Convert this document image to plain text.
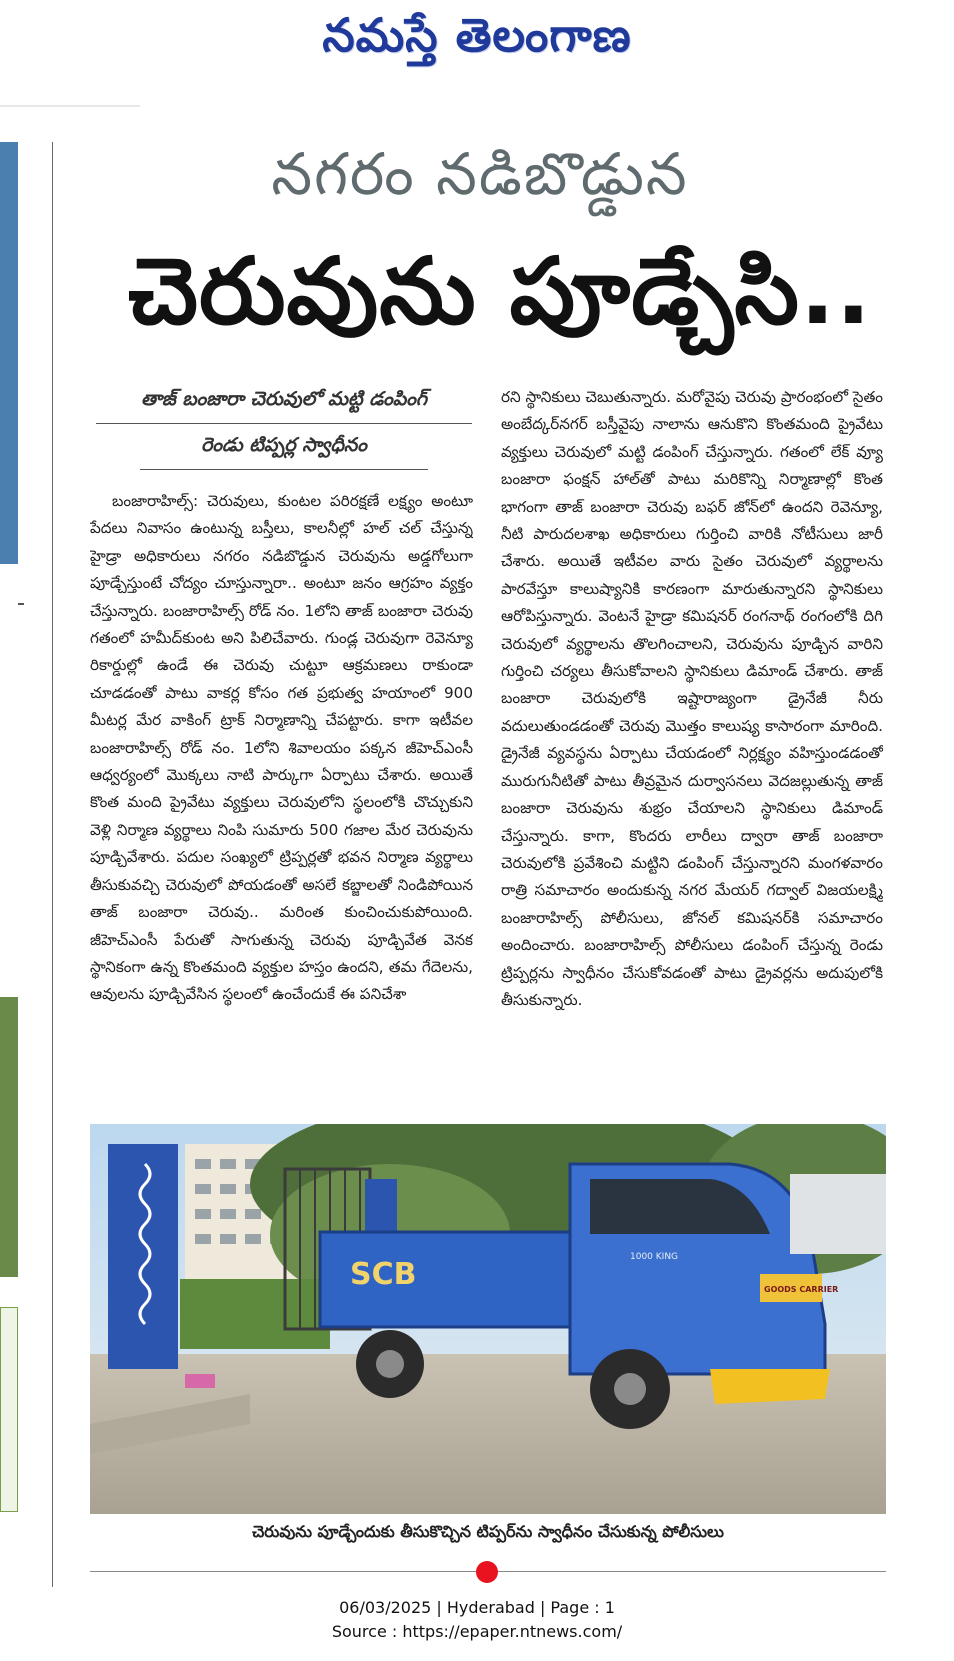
నమస్తే తెలంగాణ
నగరం నడిబొడ్డున
చెరువును పూడ్చేసి..
తాజ్ బంజారా చెరువులో మట్టి డంపింగ్
రెండు టిప్పర్ల స్వాధీనం

బంజారాహిల్స్: చెరువులు, కుంటల పరిరక్షణే లక్ష్యం అంటూ పేదలు నివాసం ఉంటున్న బస్తీలు, కాలనీల్లో హల్ చల్ చేస్తున్న హైడ్రా అధికారులు నగరం నడిబొడ్డున చెరువును అడ్డగోలుగా పూడ్చేస్తుంటే చోద్యం చూస్తున్నారా.. అంటూ జనం ఆగ్రహం వ్యక్తం చేస్తున్నారు. బంజారాహిల్స్ రోడ్ నం. 1లోని తాజ్ బంజారా చెరువు గతంలో హమీద్‌కుంట అని పిలిచేవారు. గుండ్ల చెరువుగా రెవెన్యూ రికార్డుల్లో ఉండే ఈ చెరువు చుట్టూ ఆక్రమణలు రాకుండా చూడడంతో పాటు వాకర్ల కోసం గత ప్రభుత్వ హయాంలో 900 మీటర్ల మేర వాకింగ్ ట్రాక్ నిర్మాణాన్ని చేపట్టారు. కాగా ఇటీవల బంజారాహిల్స్ రోడ్ నం. 1లోని శివాలయం పక్కన జీహెచ్ఎంసీ ఆధ్వర్యంలో మొక్కలు నాటి పార్కుగా ఏర్పాటు చేశారు. అయితే కొంత మంది ప్రైవేటు వ్యక్తులు చెరువులోని స్థలంలోకి చొచ్చుకుని వెళ్లి నిర్మాణ వ్యర్థాలు నింపి సుమారు 500 గజాల మేర చెరువును పూడ్చివేశారు. పదుల సంఖ్యలో ట్రిప్పర్లతో భవన నిర్మాణ వ్యర్థాలు తీసుకువచ్చి చెరువులో పోయడంతో అసలే కబ్జాలతో నిండిపోయిన తాజ్ బంజారా చెరువు.. మరింత కుంచించుకుపోయింది. జీహెచ్ఎంసీ పేరుతో సాగుతున్న చెరువు పూడ్చివేత వెనక స్థానికంగా ఉన్న కొంతమంది వ్యక్తుల హస్తం ఉందని, తమ గేదెలను, ఆవులను పూడ్చివేసిన స్థలంలో ఉంచేందుకే ఈ పనిచేశా

రని స్థానికులు చెబుతున్నారు. మరోవైపు చెరువు ప్రారంభంలో సైతం అంబేద్కర్‌నగర్ బస్తీవైపు నాలాను ఆనుకొని కొంతమంది ప్రైవేటు వ్యక్తులు చెరువులో మట్టి డంపింగ్ చేస్తున్నారు. గతంలో లేక్ వ్యూ బంజారా ఫంక్షన్ హాల్‌తో పాటు మరికొన్ని నిర్మాణాల్లో కొంత భాగంగా తాజ్ బంజారా చెరువు బఫర్ జోన్‌లో ఉందని రెవెన్యూ, నీటి పారుదలశాఖ అధికారులు గుర్తించి వారికి నోటీసులు జారీ చేశారు. అయితే ఇటీవల వారు సైతం చెరువులో వ్యర్థాలను పారవేస్తూ కాలుష్యానికి కారణంగా మారుతున్నారని స్థానికులు ఆరోపిస్తున్నారు. వెంటనే హైడ్రా కమిషనర్ రంగనాథ్ రంగంలోకి దిగి చెరువులో వ్యర్థాలను తొలగించాలని, చెరువును పూడ్చిన వారిని గుర్తించి చర్యలు తీసుకోవాలని స్థానికులు డిమాండ్ చేశారు. తాజ్ బంజారా చెరువులోకి ఇష్టారాజ్యంగా డ్రైనేజీ నీరు వదులుతుండడంతో చెరువు మొత్తం కాలుష్య కాసారంగా మారింది. డ్రైనేజీ వ్యవస్థను ఏర్పాటు చేయడంలో నిర్లక్ష్యం వహిస్తుండడంతో మురుగునీటితో పాటు తీవ్రమైన దుర్వాసనలు వెదజల్లుతున్న తాజ్ బంజారా చెరువును శుభ్రం చేయాలని స్థానికులు డిమాండ్ చేస్తున్నారు. కాగా, కొందరు లారీలు ద్వారా తాజ్ బంజారా చెరువులోకి ప్రవేశించి మట్టిని డంపింగ్ చేస్తున్నారని మంగళవారం రాత్రి సమాచారం అందుకున్న నగర మేయర్ గద్వాల్ విజయలక్ష్మి బంజారాహిల్స్ పోలీసులు, జోనల్ కమిషనర్‌కి సమాచారం అందించారు. బంజారాహిల్స్ పోలీసులు డంపింగ్ చేస్తున్న రెండు ట్రిప్పర్లను స్వాధీనం చేసుకోవడంతో పాటు డ్రైవర్లను అదుపులోకి తీసుకున్నారు.

SCB	1000 KING
GOODS CARRIER
చెరువును పూడ్చేందుకు తీసుకొచ్చిన టిప్పర్‌ను స్వాధీనం చేసుకున్న పోలీసులు
06/03/2025 | Hyderabad | Page : 1
Source : https://epaper.ntnews.com/
